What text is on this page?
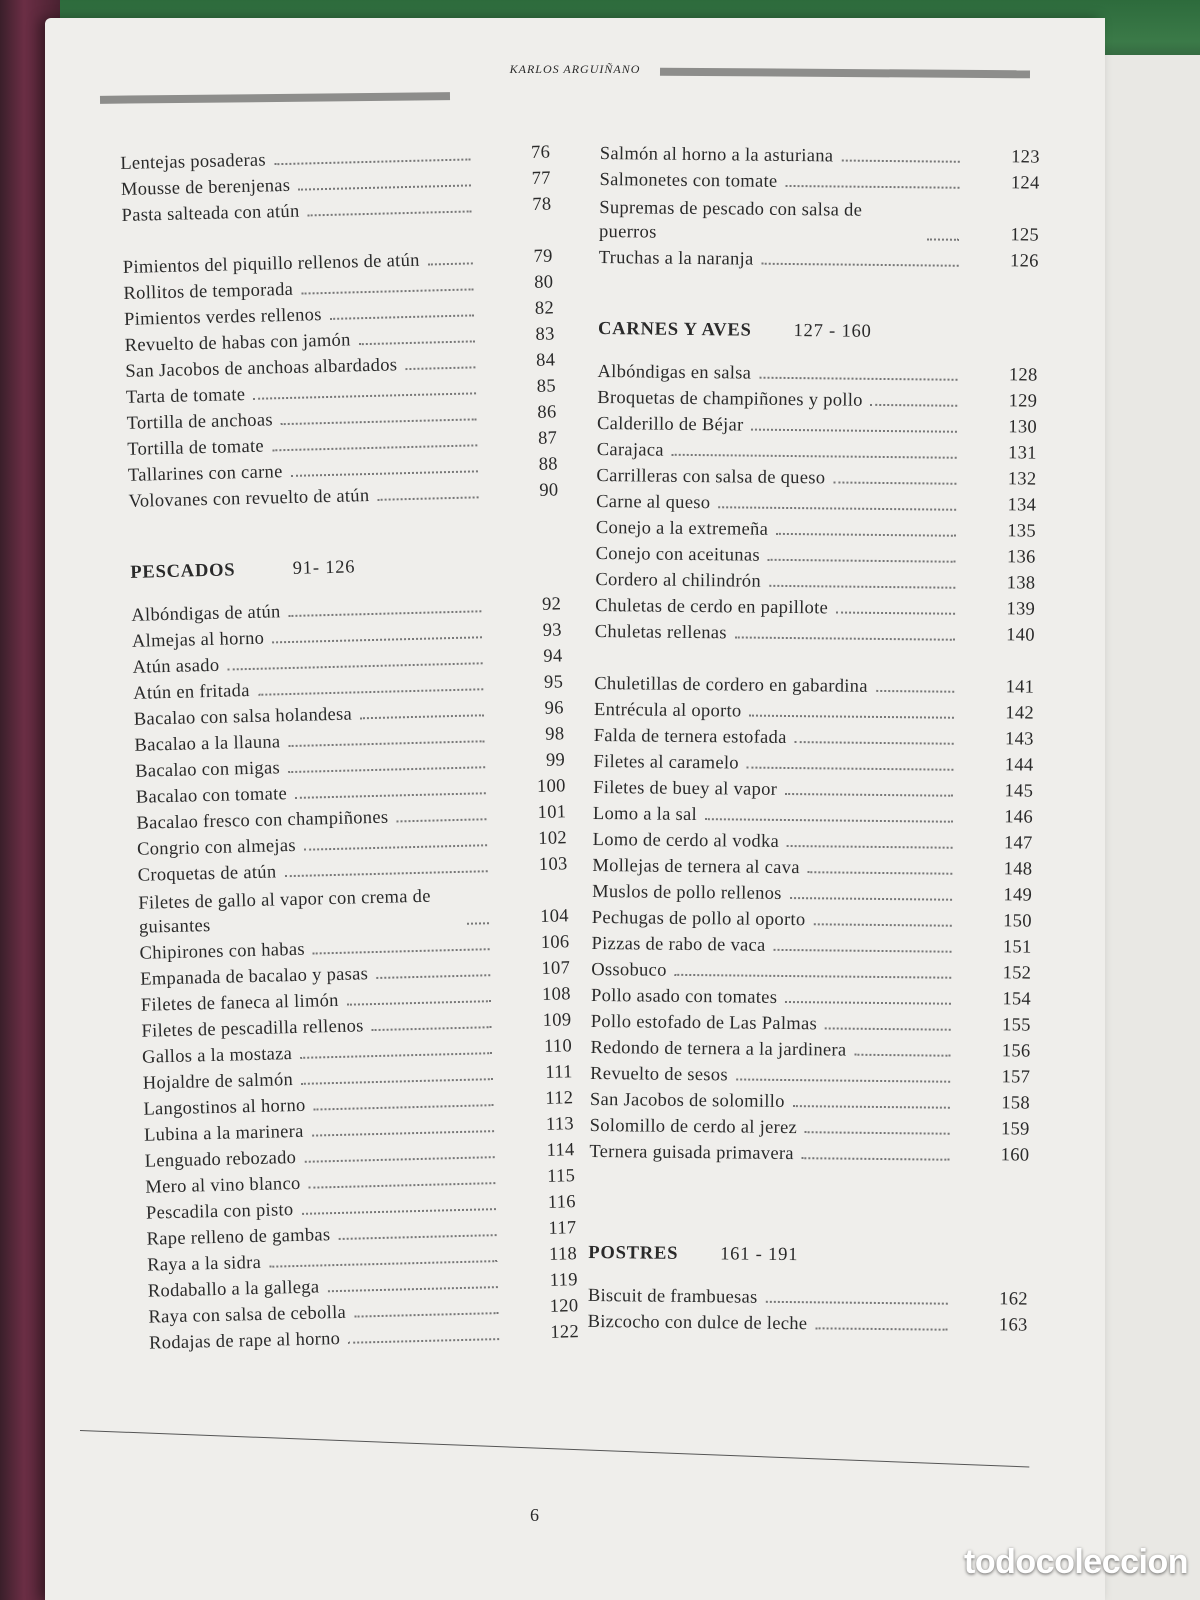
KARLOS ARGUIÑANO
Lentejas posaderas	76
Mousse de berenjenas	77
Pasta salteada con atún	78
Pimientos del piquillo rellenos de atún	79
Rollitos de temporada	80
Pimientos verdes rellenos	82
Revuelto de habas con jamón	83
San Jacobos de anchoas albardados	84
Tarta de tomate	85
Tortilla de anchoas	86
Tortilla de tomate	87
Tallarines con carne	88
Volovanes con revuelto de atún	90
PESCADOS	91- 126
Albóndigas de atún	92
Almejas al horno	93
Atún asado	94
Atún en fritada	95
Bacalao con salsa holandesa	96
Bacalao a la llauna	98
Bacalao con migas	99
Bacalao con tomate	100
Bacalao fresco con champiñones	101
Congrio con almejas	102
Croquetas de atún	103
Filetes de gallo al vapor con crema de guisantes	104
Chipirones con habas	106
Empanada de bacalao y pasas	107
Filetes de faneca al limón	108
Filetes de pescadilla rellenos	109
Gallos a la mostaza	110
Hojaldre de salmón	111
Langostinos al horno	112
Lubina a la marinera	113
Lenguado rebozado	114
Mero al vino blanco	115
Pescadila con pisto	116
Rape relleno de gambas	117
Raya a la sidra	118
Rodaballo a la gallega	119
Raya con salsa de cebolla	120
Rodajas de rape al horno	122
Salmón al horno a la asturiana	123
Salmonetes con tomate	124
Supremas de pescado con salsa de puerros	125
Truchas a la naranja	126
CARNES Y AVES	127 - 160
Albóndigas en salsa	128
Broquetas de champiñones y pollo	129
Calderillo de Béjar	130
Carajaca	131
Carrilleras con salsa de queso	132
Carne al queso	134
Conejo a la extremeña	135
Conejo con aceitunas	136
Cordero al chilindrón	138
Chuletas de cerdo en papillote	139
Chuletas rellenas	140
Chuletillas de cordero en gabardina	141
Entrécula al oporto	142
Falda de ternera estofada	143
Filetes al caramelo	144
Filetes de buey al vapor	145
Lomo a la sal	146
Lomo de cerdo al vodka	147
Mollejas de ternera al cava	148
Muslos de pollo rellenos	149
Pechugas de pollo al oporto	150
Pizzas de rabo de vaca	151
Ossobuco	152
Pollo asado con tomates	154
Pollo estofado de Las Palmas	155
Redondo de ternera a la jardinera	156
Revuelto de sesos	157
San Jacobos de solomillo	158
Solomillo de cerdo al jerez	159
Ternera guisada primavera	160
POSTRES	161 - 191
Biscuit de frambuesas	162
Bizcocho con dulce de leche	163
6
todocoleccion
